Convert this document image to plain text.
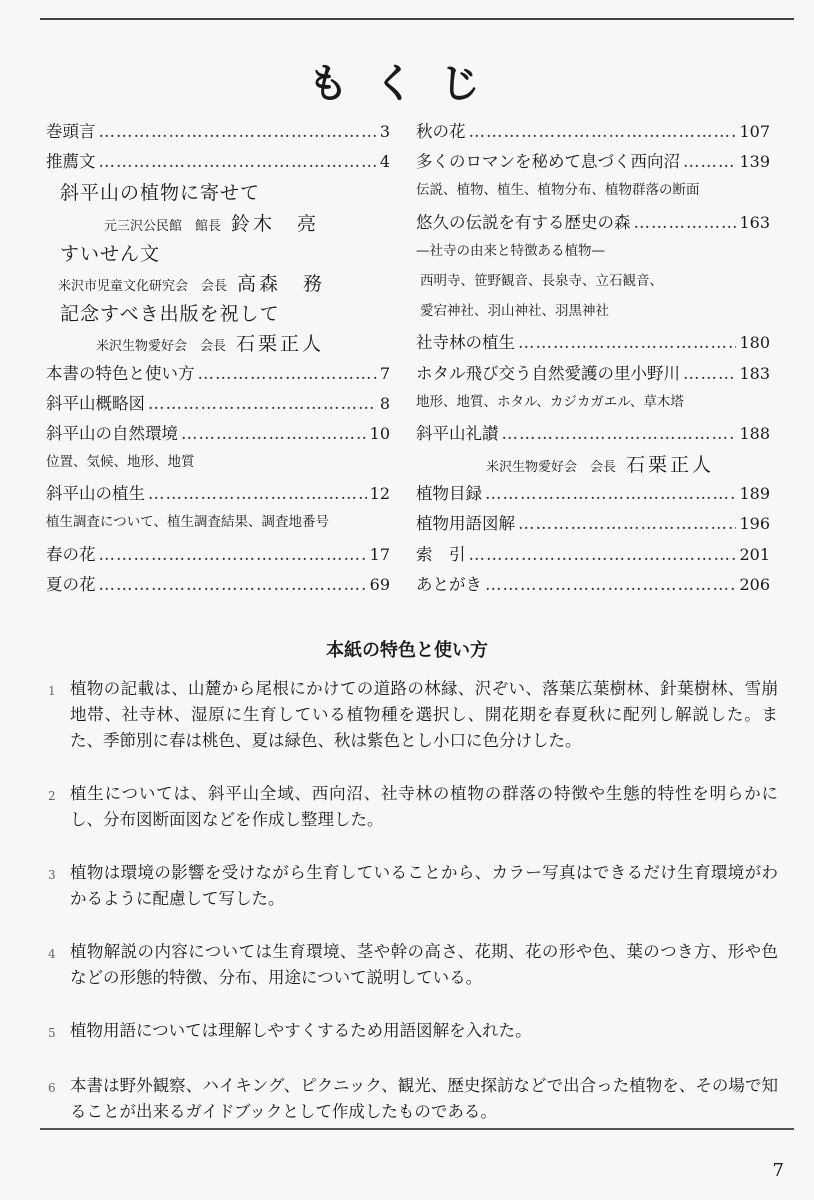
もくじ
巻頭言 ……………………………………………………………………………………………………………………………	3
推薦文 ……………………………………………………………………………………………………………………………	4
斜平山の植物に寄せて
元三沢公民館　館長 鈴木　亮
すいせん文
米沢市児童文化研究会　会長 高森　務
記念すべき出版を祝して
米沢生物愛好会　会長 石栗正人
本書の特色と使い方 ……………………………………………………………………………………………………………………………	7
斜平山概略図 ……………………………………………………………………………………………………………………………	8
斜平山の自然環境 ……………………………………………………………………………………………………………………………	10
位置、気候、地形、地質
斜平山の植生 ……………………………………………………………………………………………………………………………	12
植生調査について、植生調査結果、調査地番号
春の花 ……………………………………………………………………………………………………………………………	17
夏の花 ……………………………………………………………………………………………………………………………	69
秋の花 ……………………………………………………………………………………………………………………………	107
多くのロマンを秘めて息づく西向沼 ……………………………………………………………………………………………………………………………	139
伝説、植物、植生、植物分布、植物群落の断面
悠久の伝説を有する歴史の森 ……………………………………………………………………………………………………………………………	163
—社寺の由来と特徴ある植物—
西明寺、笹野観音、長泉寺、立石観音、
愛宕神社、羽山神社、羽黒神社
社寺林の植生 ……………………………………………………………………………………………………………………………	180
ホタル飛び交う自然愛護の里小野川 ……………………………………………………………………………………………………………………………	183
地形、地質、ホタル、カジカガエル、草木塔
斜平山礼讃 ……………………………………………………………………………………………………………………………	188
米沢生物愛好会　会長 石栗正人
植物目録 ……………………………………………………………………………………………………………………………	189
植物用語図解 ……………………………………………………………………………………………………………………………	196
索　引 ……………………………………………………………………………………………………………………………	201
あとがき ……………………………………………………………………………………………………………………………	206
本紙の特色と使い方
1 植物の記載は、山麓から尾根にかけての道路の林縁、沢ぞい、落葉広葉樹林、針葉樹林、雪崩地帯、社寺林、湿原に生育している植物種を選択し、開花期を春夏秋に配列し解説した。また、季節別に春は桃色、夏は緑色、秋は紫色とし小口に色分けした。
2 植生については、斜平山全域、西向沼、社寺林の植物の群落の特徴や生態的特性を明らかにし、分布図断面図などを作成し整理した。
3 植物は環境の影響を受けながら生育していることから、カラー写真はできるだけ生育環境がわかるように配慮して写した。
4 植物解説の内容については生育環境、茎や幹の高さ、花期、花の形や色、葉のつき方、形や色などの形態的特徴、分布、用途について説明している。
5 植物用語については理解しやすくするため用語図解を入れた。
6 本書は野外観察、ハイキング、ピクニック、観光、歴史探訪などで出合った植物を、その場で知ることが出来るガイドブックとして作成したものである。
7
